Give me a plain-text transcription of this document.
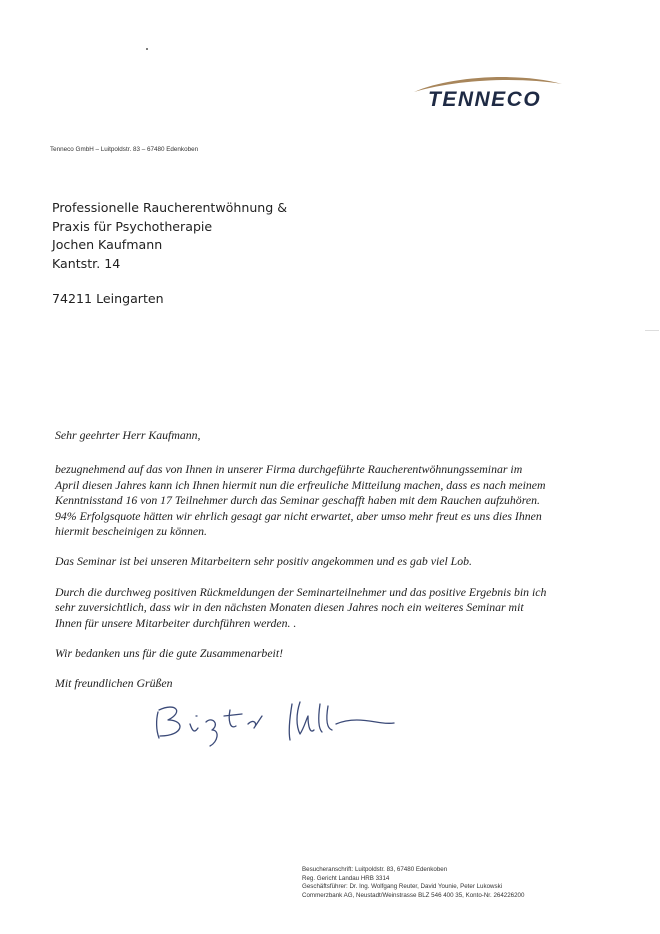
TENNECO
Tenneco GmbH – Luitpoldstr. 83 – 67480 Edenkoben
Professionelle Raucherentwöhnung &
Praxis für Psychotherapie
Jochen Kaufmann
Kantstr. 14
74211 Leingarten
Sehr geehrter Herr Kaufmann,
bezugnehmend auf das von Ihnen in unserer Firma durchgeführte Raucherentwöhnungsseminar im
April diesen Jahres kann ich Ihnen hiermit nun die erfreuliche Mitteilung machen, dass es nach meinem
Kenntnisstand 16 von 17 Teilnehmer durch das Seminar geschafft haben mit dem Rauchen aufzuhören.
94% Erfolgsquote hätten wir ehrlich gesagt gar nicht erwartet, aber umso mehr freut es uns dies Ihnen
hiermit bescheinigen zu können.
Das Seminar ist bei unseren Mitarbeitern sehr positiv angekommen und es gab viel Lob.
Durch die durchweg positiven Rückmeldungen der Seminarteilnehmer und das positive Ergebnis bin ich
sehr zuversichtlich, dass wir in den nächsten Monaten diesen Jahres noch ein weiteres Seminar mit
Ihnen für unsere Mitarbeiter durchführen werden. .
Wir bedanken uns für die gute Zusammenarbeit!
Mit freundlichen Grüßen
Besucheranschrift: Luitpoldstr. 83, 67480 Edenkoben
Reg. Gericht Landau HRB 3314
Geschäftsführer: Dr. Ing. Wolfgang Reuter, David Younie, Peter Lukowski
Commerzbank AG, Neustadt/Weinstrasse BLZ 546 400 35, Konto-Nr. 264226200
